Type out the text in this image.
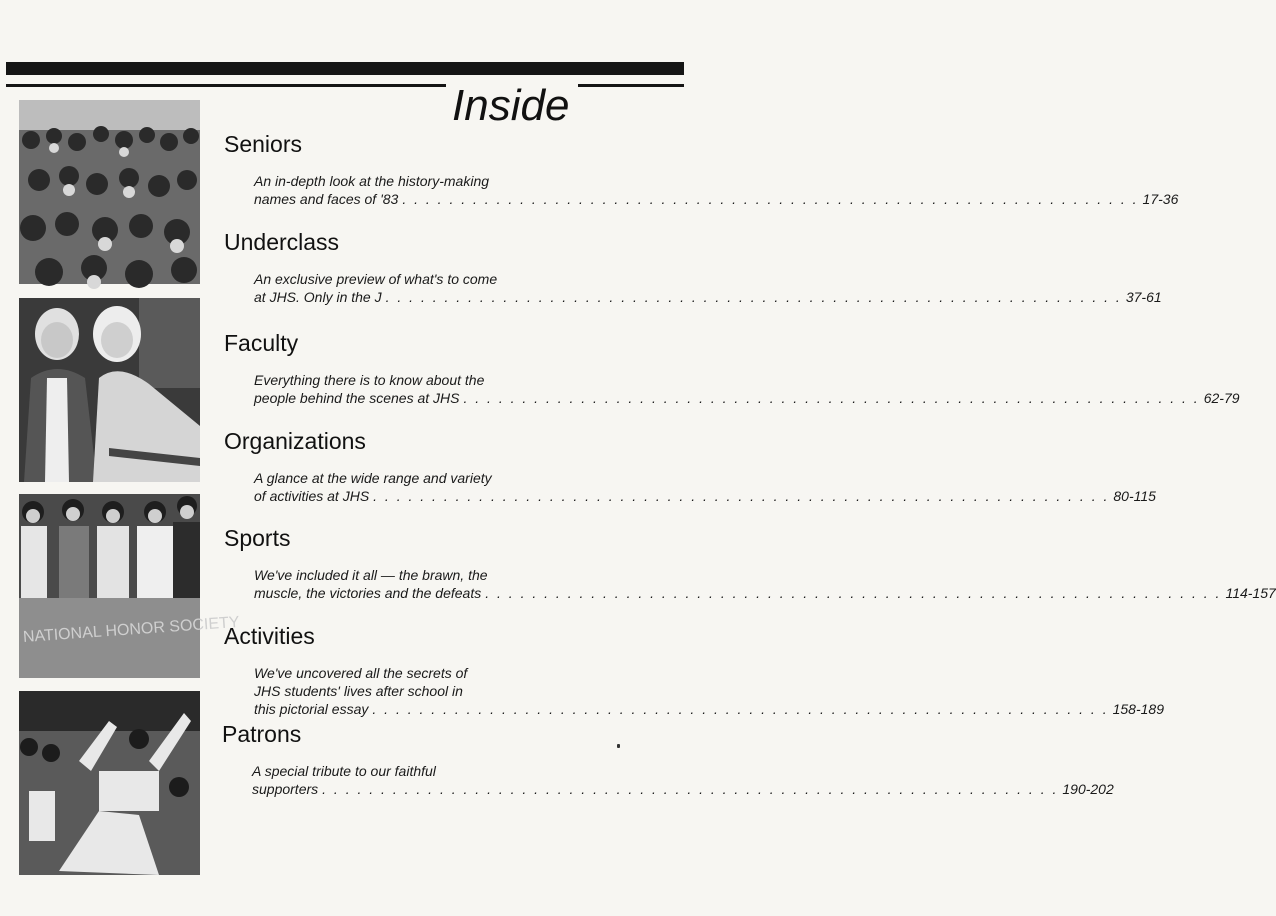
Inside
NATIONAL HONOR SOCIETY
Seniors
An in-depth look at the history-making
names and faces of '83 . . .	17-36
Underclass
An exclusive preview of what's to come
at JHS. Only in the J . . .	37-61
Faculty
Everything there is to know about the
people behind the scenes at JHS . . .	62-79
Organizations
A glance at the wide range and variety
of activities at JHS . . .	80-115
Sports
We've included it all — the brawn, the
muscle, the victories and the defeats . . .	114-157
Activities
We've uncovered all the secrets of
JHS students' lives after school in
this pictorial essay . . .	158-189
Patrons
A special tribute to our faithful
supporters . . .	190-202
